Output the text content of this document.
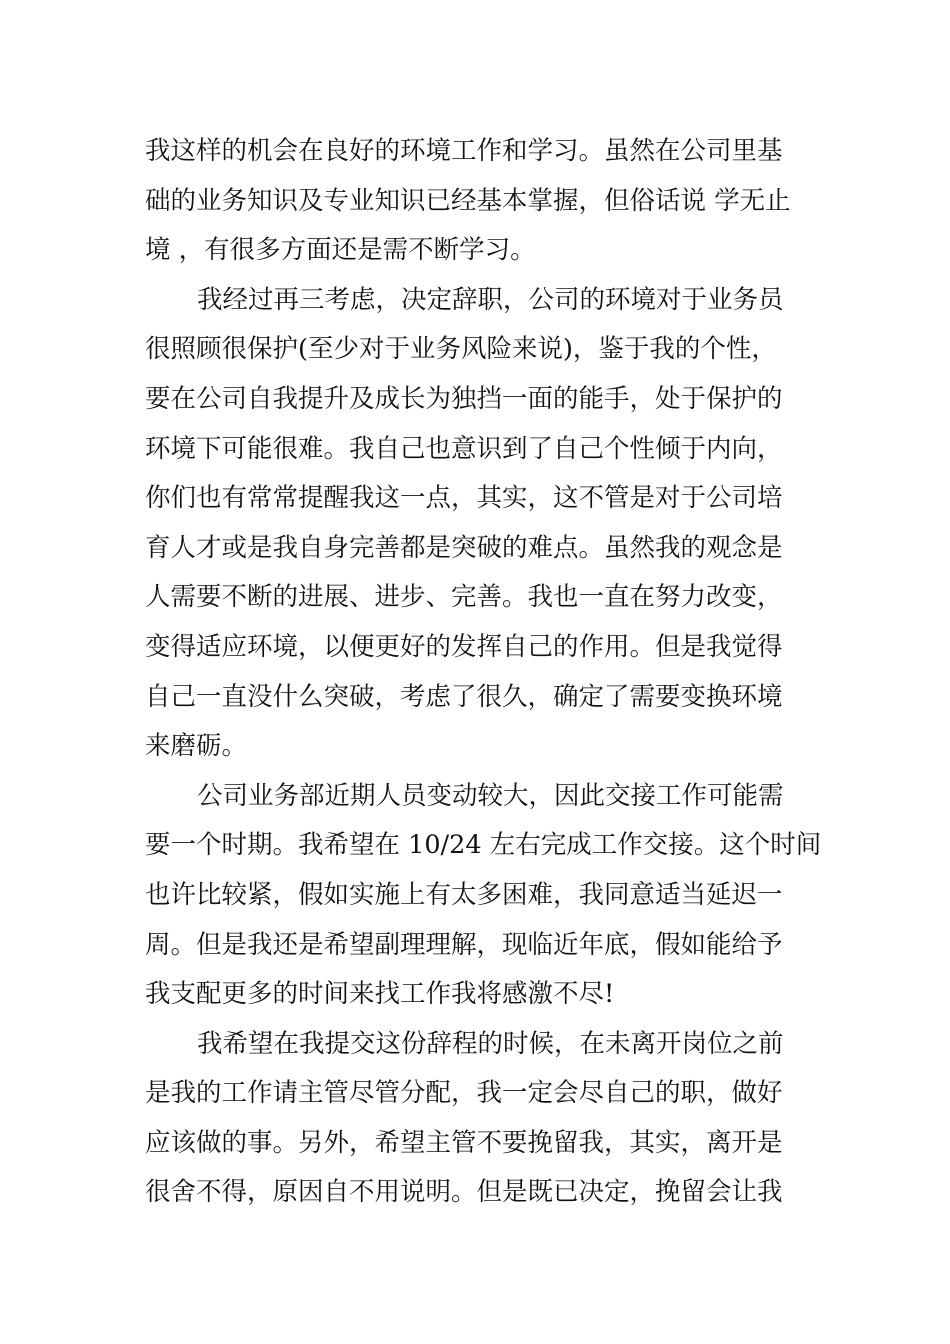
我这样的机会在良好的环境工作和学习。虽然在公司里基
础的业务知识及专业知识已经基本掌握，但俗话说 学无止
境 ，有很多方面还是需不断学习。
我经过再三考虑，决定辞职，公司的环境对于业务员
很照顾很保护(至少对于业务风险来说)，鉴于我的个性，
要在公司自我提升及成长为独挡一面的能手，处于保护的
环境下可能很难。我自己也意识到了自己个性倾于内向，
你们也有常常提醒我这一点，其实，这不管是对于公司培
育人才或是我自身完善都是突破的难点。虽然我的观念是
人需要不断的进展、进步、完善。我也一直在努力改变，
变得适应环境，以便更好的发挥自己的作用。但是我觉得
自己一直没什么突破，考虑了很久，确定了需要变换环境
来磨砺。
公司业务部近期人员变动较大，因此交接工作可能需
要一个时期。我希望在 10/24 左右完成工作交接。这个时间
也许比较紧，假如实施上有太多困难，我同意适当延迟一
周。但是我还是希望副理理解，现临近年底，假如能给予
我支配更多的时间来找工作我将感激不尽!
我希望在我提交这份辞程的时候，在未离开岗位之前
是我的工作请主管尽管分配，我一定会尽自己的职，做好
应该做的事。另外，希望主管不要挽留我，其实，离开是
很舍不得，原因自不用说明。但是既已决定，挽留会让我
